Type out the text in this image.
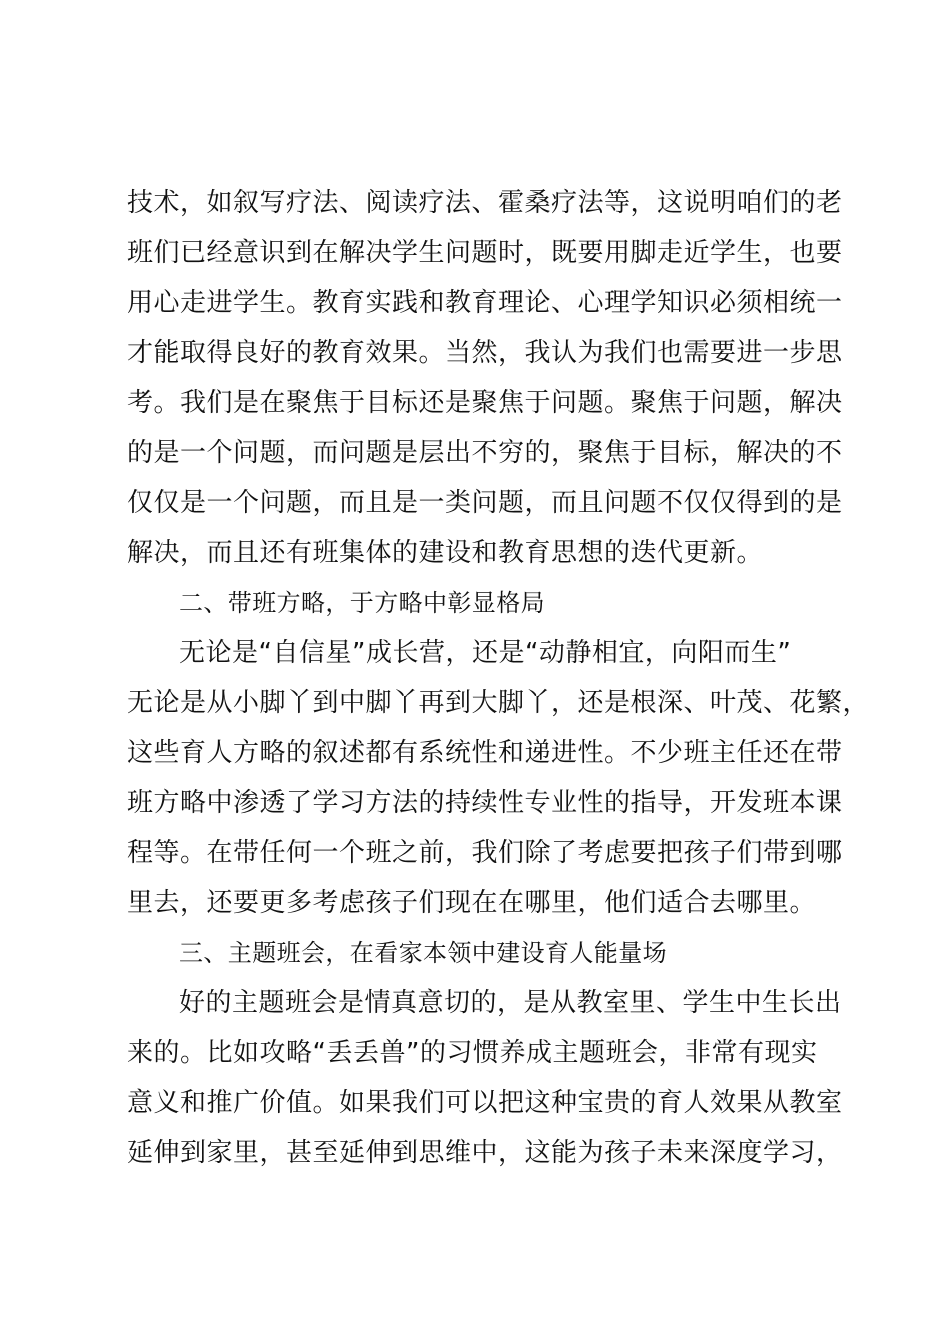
技术，如叙写疗法、阅读疗法、霍桑疗法等，这说明咱们的老
班们已经意识到在解决学生问题时，既要用脚走近学生，也要
用心走进学生。教育实践和教育理论、心理学知识必须相统一
才能取得良好的教育效果。当然，我认为我们也需要进一步思
考。我们是在聚焦于目标还是聚焦于问题。聚焦于问题，解决
的是一个问题，而问题是层出不穷的，聚焦于目标，解决的不
仅仅是一个问题，而且是一类问题，而且问题不仅仅得到的是
解决，而且还有班集体的建设和教育思想的迭代更新。
二、带班方略，于方略中彰显格局
无论是“自信星”成长营，还是“动静相宜，向阳而生”
无论是从小脚丫到中脚丫再到大脚丫，还是根深、叶茂、花繁，
这些育人方略的叙述都有系统性和递进性。不少班主任还在带
班方略中渗透了学习方法的持续性专业性的指导，开发班本课
程等。在带任何一个班之前，我们除了考虑要把孩子们带到哪
里去，还要更多考虑孩子们现在在哪里，他们适合去哪里。
三、主题班会，在看家本领中建设育人能量场
好的主题班会是情真意切的，是从教室里、学生中生长出
来的。比如攻略“丢丢兽”的习惯养成主题班会，非常有现实
意义和推广价值。如果我们可以把这种宝贵的育人效果从教室
延伸到家里，甚至延伸到思维中，这能为孩子未来深度学习，
